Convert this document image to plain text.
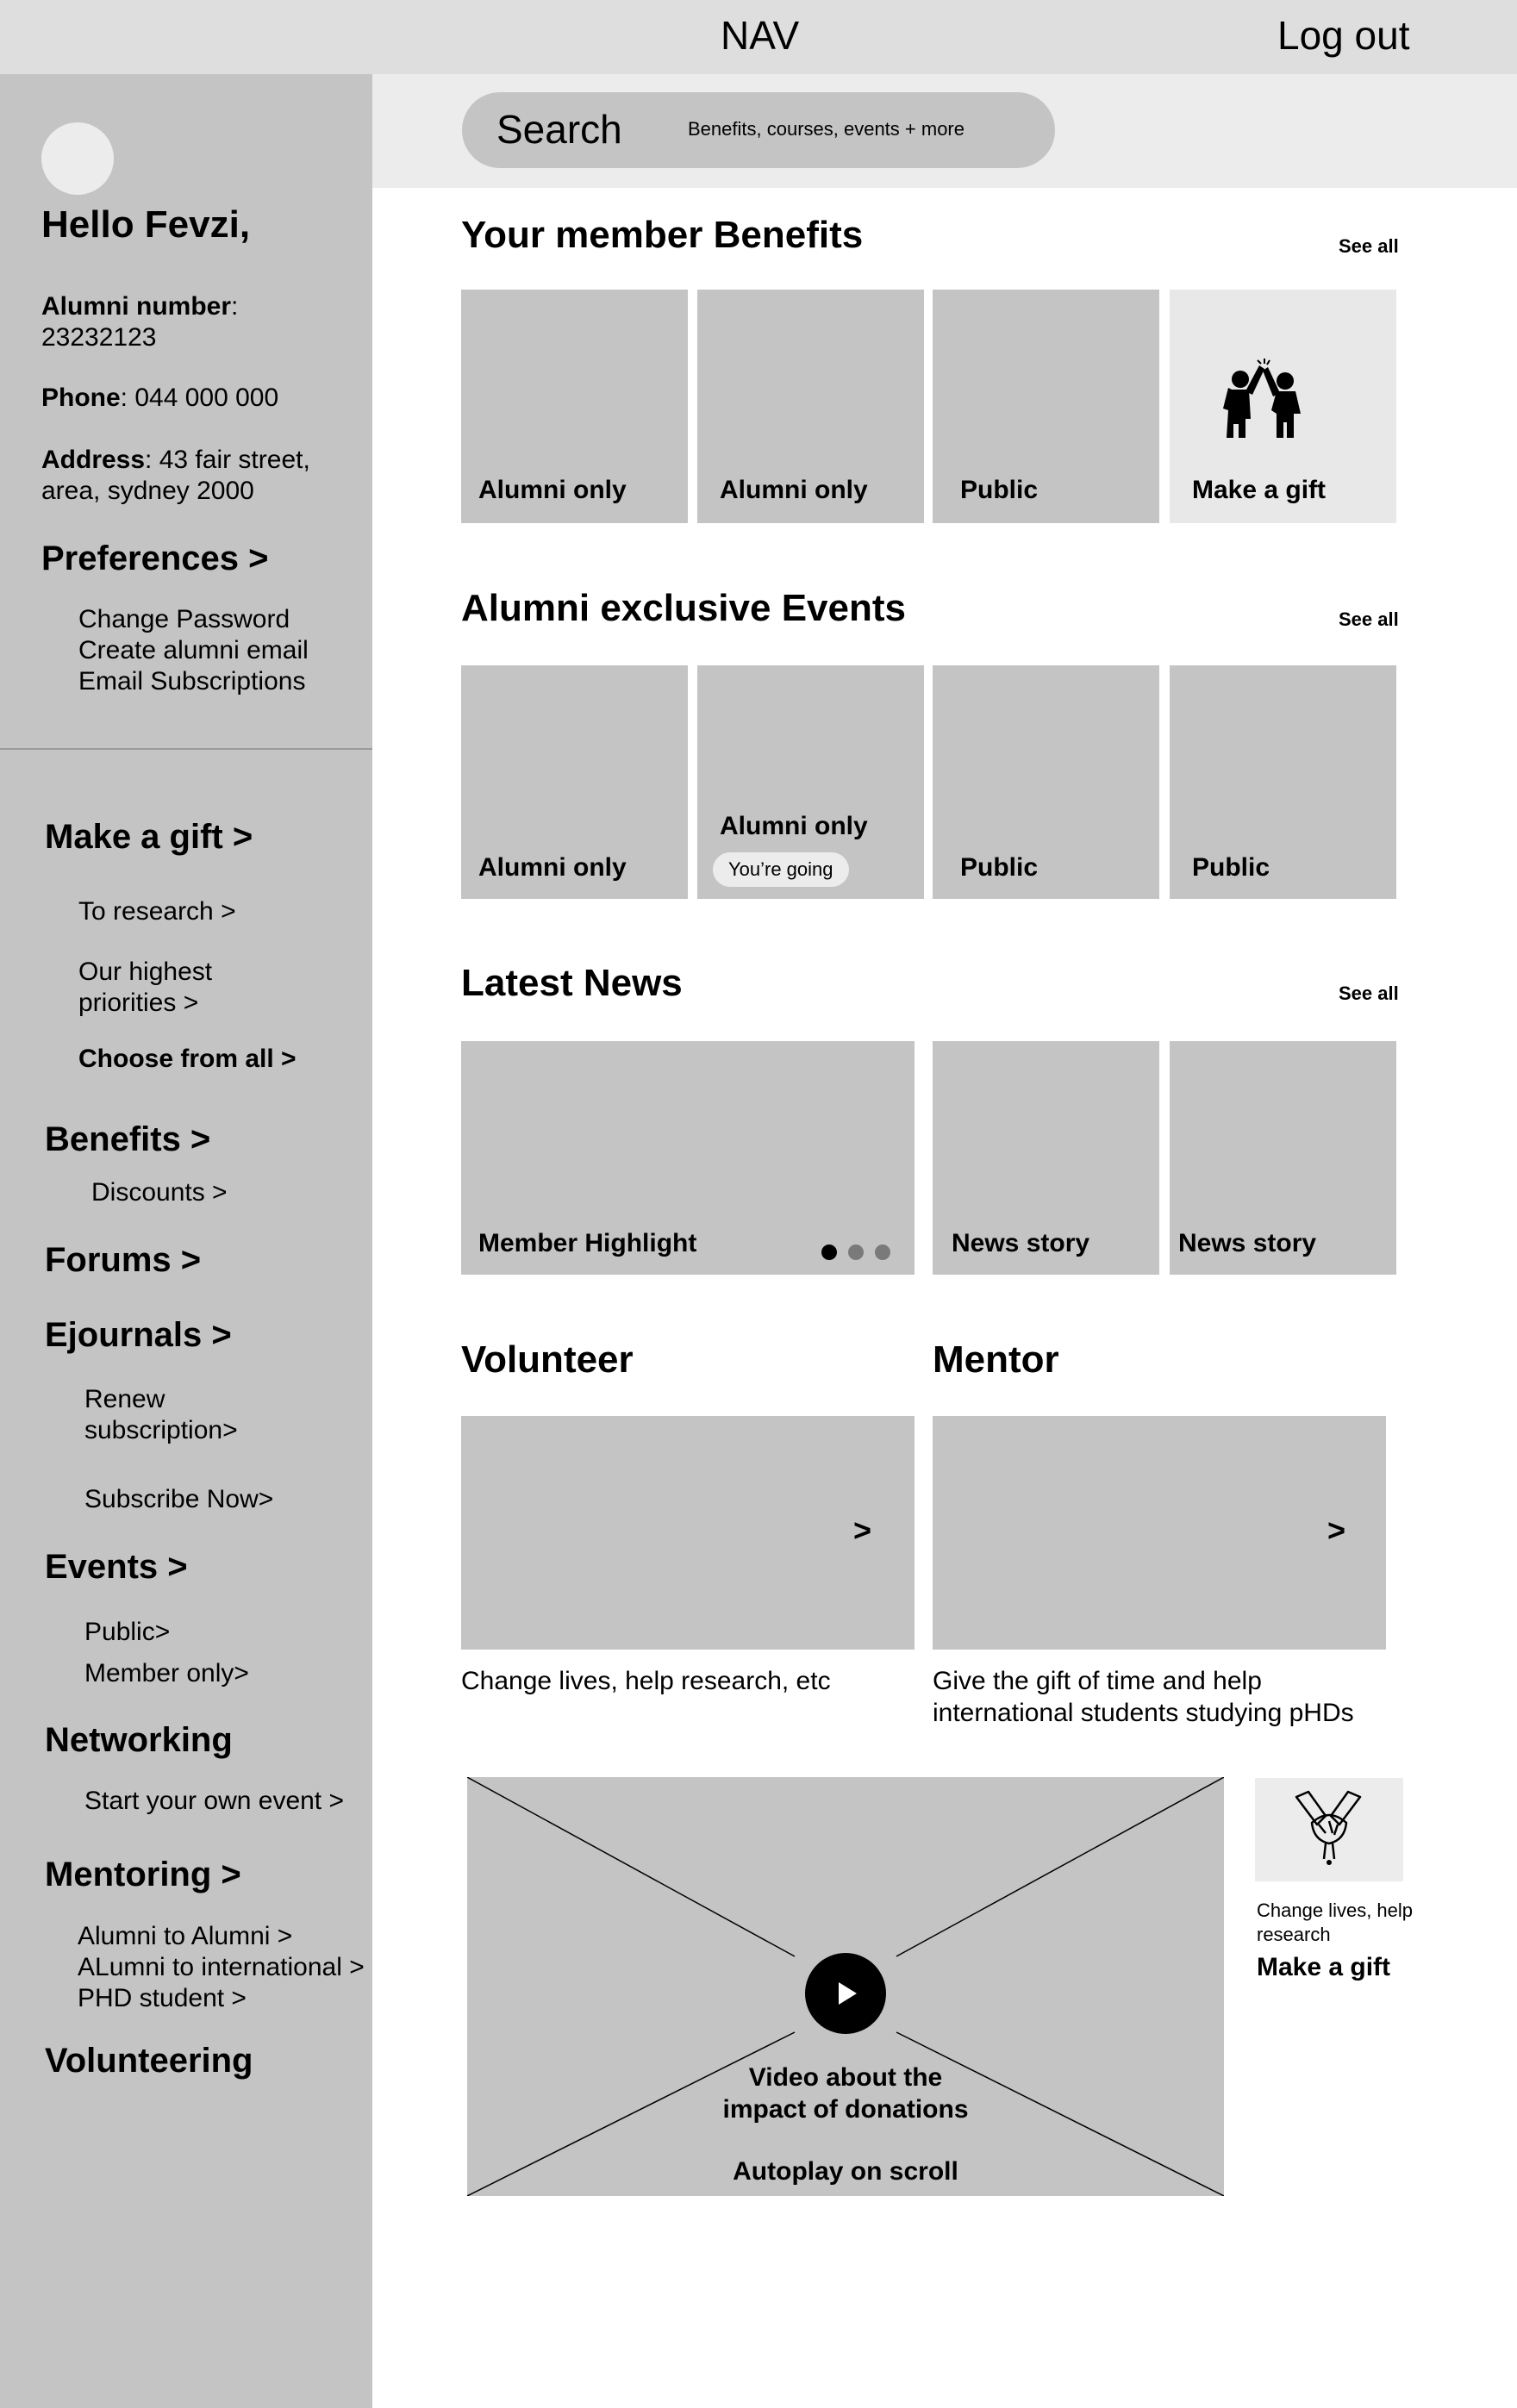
NAV	Log out
Hello Fevzi,
Alumni number: 23232123
Phone: 044 000 000
Address: 43 fair street, area, sydney 2000
Preferences >
Change Password
Create alumni email
Email Subscriptions
Make a gift >
To research >
Our highest priorities >
Choose from all >
Benefits >
Discounts >
Forums >
Ejournals >
Renew subscription>
Subscribe Now>
Events >
Public>
Member only>
Networking
Start your own event >
Mentoring >
Alumni to Alumni >
ALumni to international >
PHD student >
Volunteering
Search	Benefits, courses, events + more
Your member Benefits	See all
Alumni only	Alumni only	Public	Make a gift
Alumni exclusive Events	See all
Alumni only
Alumni only
You’re going	Public	Public
Latest News	See all
Member Highlight	News story	News story
Volunteer	Mentor
>	>
Change lives, help research, etc	Give the gift of time and help international students studying pHDs
Video about the
impact of donations
Autoplay on scroll
Change lives, help research
Make a gift
